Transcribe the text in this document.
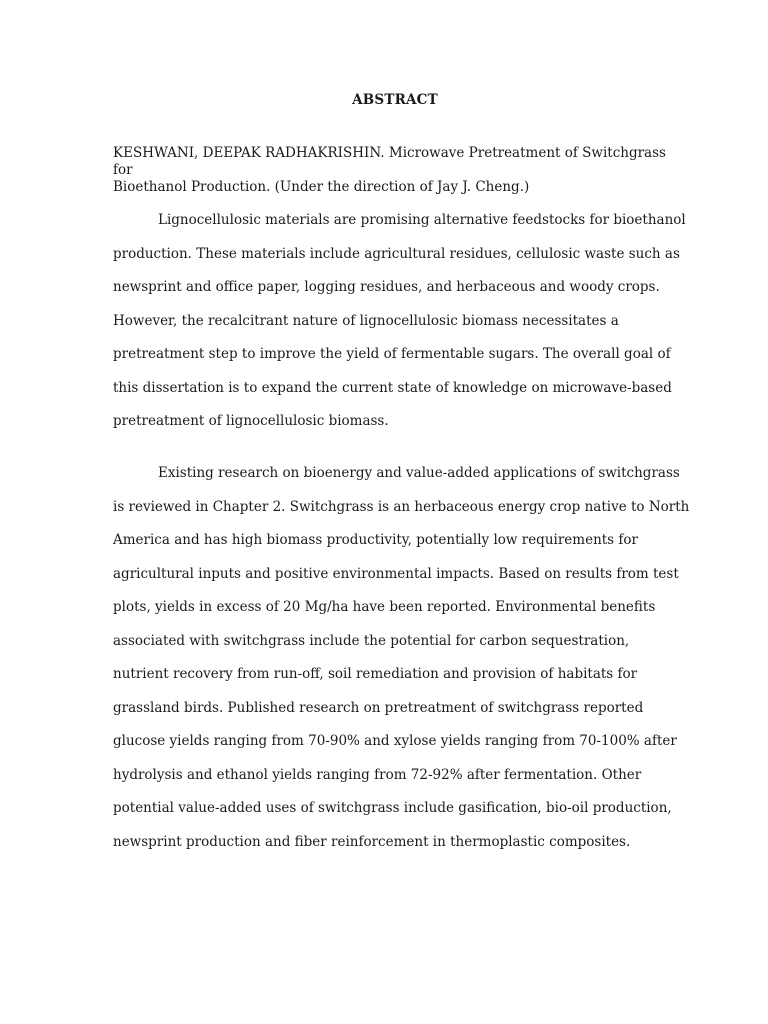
ABSTRACT
KESHWANI, DEEPAK RADHAKRISHIN. Microwave Pretreatment of Switchgrass for
Bioethanol Production. (Under the direction of Jay J. Cheng.)
Lignocellulosic materials are promising alternative feedstocks for bioethanol
production. These materials include agricultural residues, cellulosic waste such as
newsprint and office paper, logging residues, and herbaceous and woody crops.
However, the recalcitrant nature of lignocellulosic biomass necessitates a
pretreatment step to improve the yield of fermentable sugars. The overall goal of
this dissertation is to expand the current state of knowledge on microwave-based
pretreatment of lignocellulosic biomass.
Existing research on bioenergy and value-added applications of switchgrass
is reviewed in Chapter 2. Switchgrass is an herbaceous energy crop native to North
America and has high biomass productivity, potentially low requirements for
agricultural inputs and positive environmental impacts. Based on results from test
plots, yields in excess of 20 Mg/ha have been reported. Environmental benefits
associated with switchgrass include the potential for carbon sequestration,
nutrient recovery from run-off, soil remediation and provision of habitats for
grassland birds. Published research on pretreatment of switchgrass reported
glucose yields ranging from 70-90% and xylose yields ranging from 70-100% after
hydrolysis and ethanol yields ranging from 72-92% after fermentation. Other
potential value-added uses of switchgrass include gasification, bio-oil production,
newsprint production and fiber reinforcement in thermoplastic composites.
